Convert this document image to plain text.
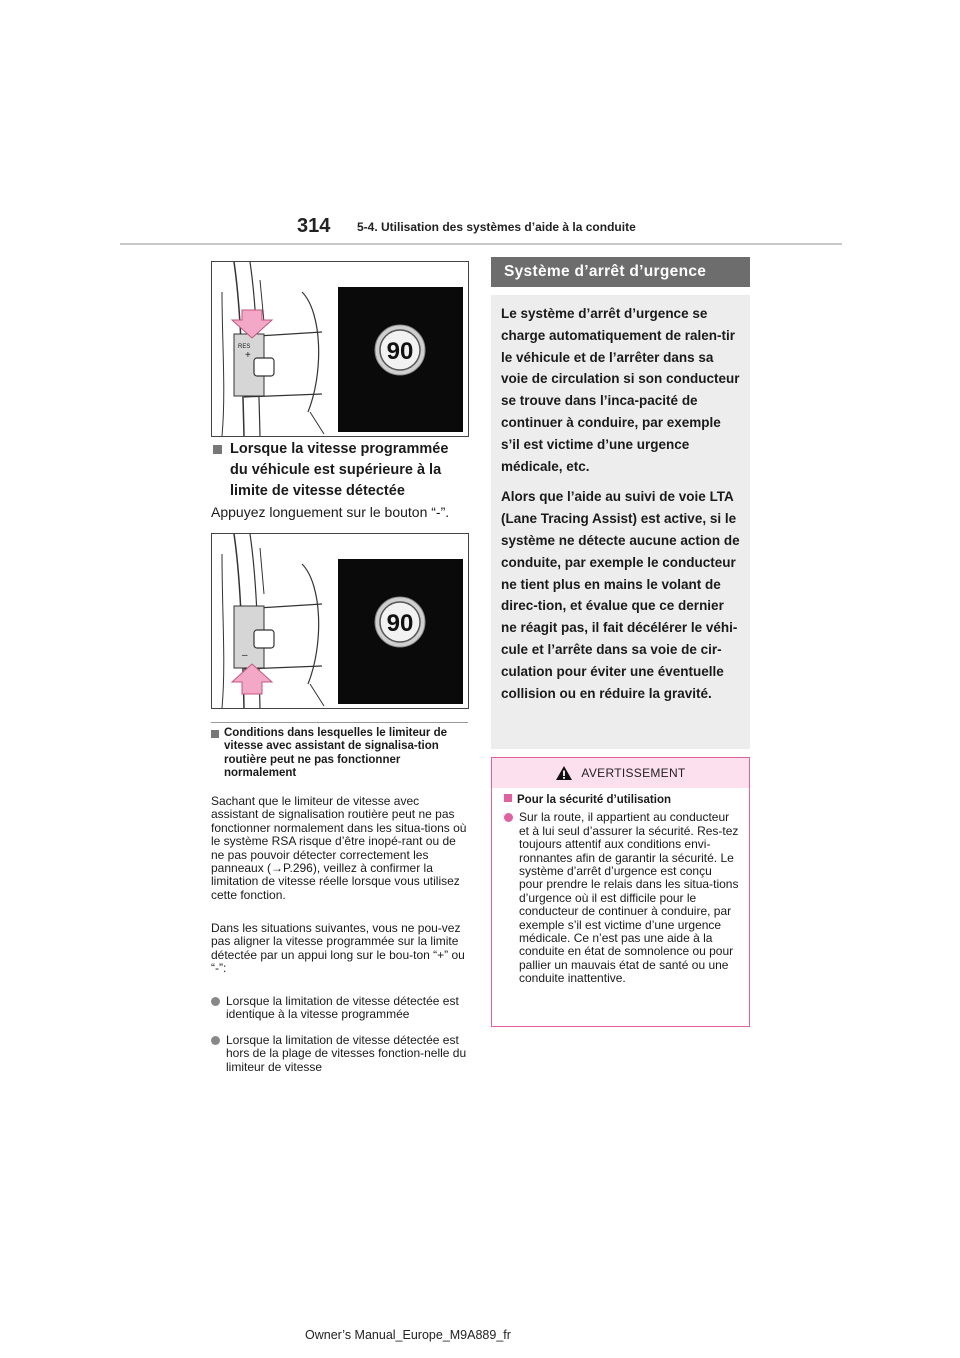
314 5-4. Utilisation des systèmes d’aide à la conduite
RES
+	90
Lorsque la vitesse programmée du véhicule est supérieure à la limite de vitesse détectée
Appuyez longuement sur le bouton “-”.
–
90
Conditions dans lesquelles le limiteur de vitesse avec assistant de signalisa-tion routière peut ne pas fonctionner normalement
Sachant que le limiteur de vitesse avec assistant de signalisation routière peut ne pas fonctionner normalement dans les situa-tions où le système RSA risque d’être inopé-rant ou de ne pas pouvoir détecter correctement les panneaux (→P.296), veillez à confirmer la limitation de vitesse réelle lorsque vous utilisez cette fonction.
Dans les situations suivantes, vous ne pou-vez pas aligner la vitesse programmée sur la limite détectée par un appui long sur le bou-ton “+” ou “-”:
Lorsque la limitation de vitesse détectée est identique à la vitesse programmée
Lorsque la limitation de vitesse détectée est hors de la plage de vitesses fonction-nelle du limiteur de vitesse
Système d’arrêt d’urgence

Le système d’arrêt d’urgence se charge automatiquement de ralen-tir le véhicule et de l’arrêter dans sa voie de circulation si son conducteur se trouve dans l’inca-pacité de continuer à conduire, par exemple s’il est victime d’une urgence médicale, etc.

Alors que l’aide au suivi de voie LTA (Lane Tracing Assist) est active, si le système ne détecte aucune action de conduite, par exemple le conducteur ne tient plus en mains le volant de direc-tion, et évalue que ce dernier ne réagit pas, il fait décélérer le véhi-cule et l’arrête dans sa voie de cir-culation pour éviter une éventuelle collision ou en réduire la gravité.

AVERTISSEMENT
Pour la sécurité d’utilisation
Sur la route, il appartient au conducteur et à lui seul d’assurer la sécurité. Res-tez toujours attentif aux conditions envi-ronnantes afin de garantir la sécurité. Le système d’arrêt d’urgence est conçu pour prendre le relais dans les situa-tions d’urgence où il est difficile pour le conducteur de continuer à conduire, par exemple s’il est victime d’une urgence médicale. Ce n’est pas une aide à la conduite en état de somnolence ou pour pallier un mauvais état de santé ou une conduite inattentive.
Owner’s Manual_Europe_M9A889_fr
